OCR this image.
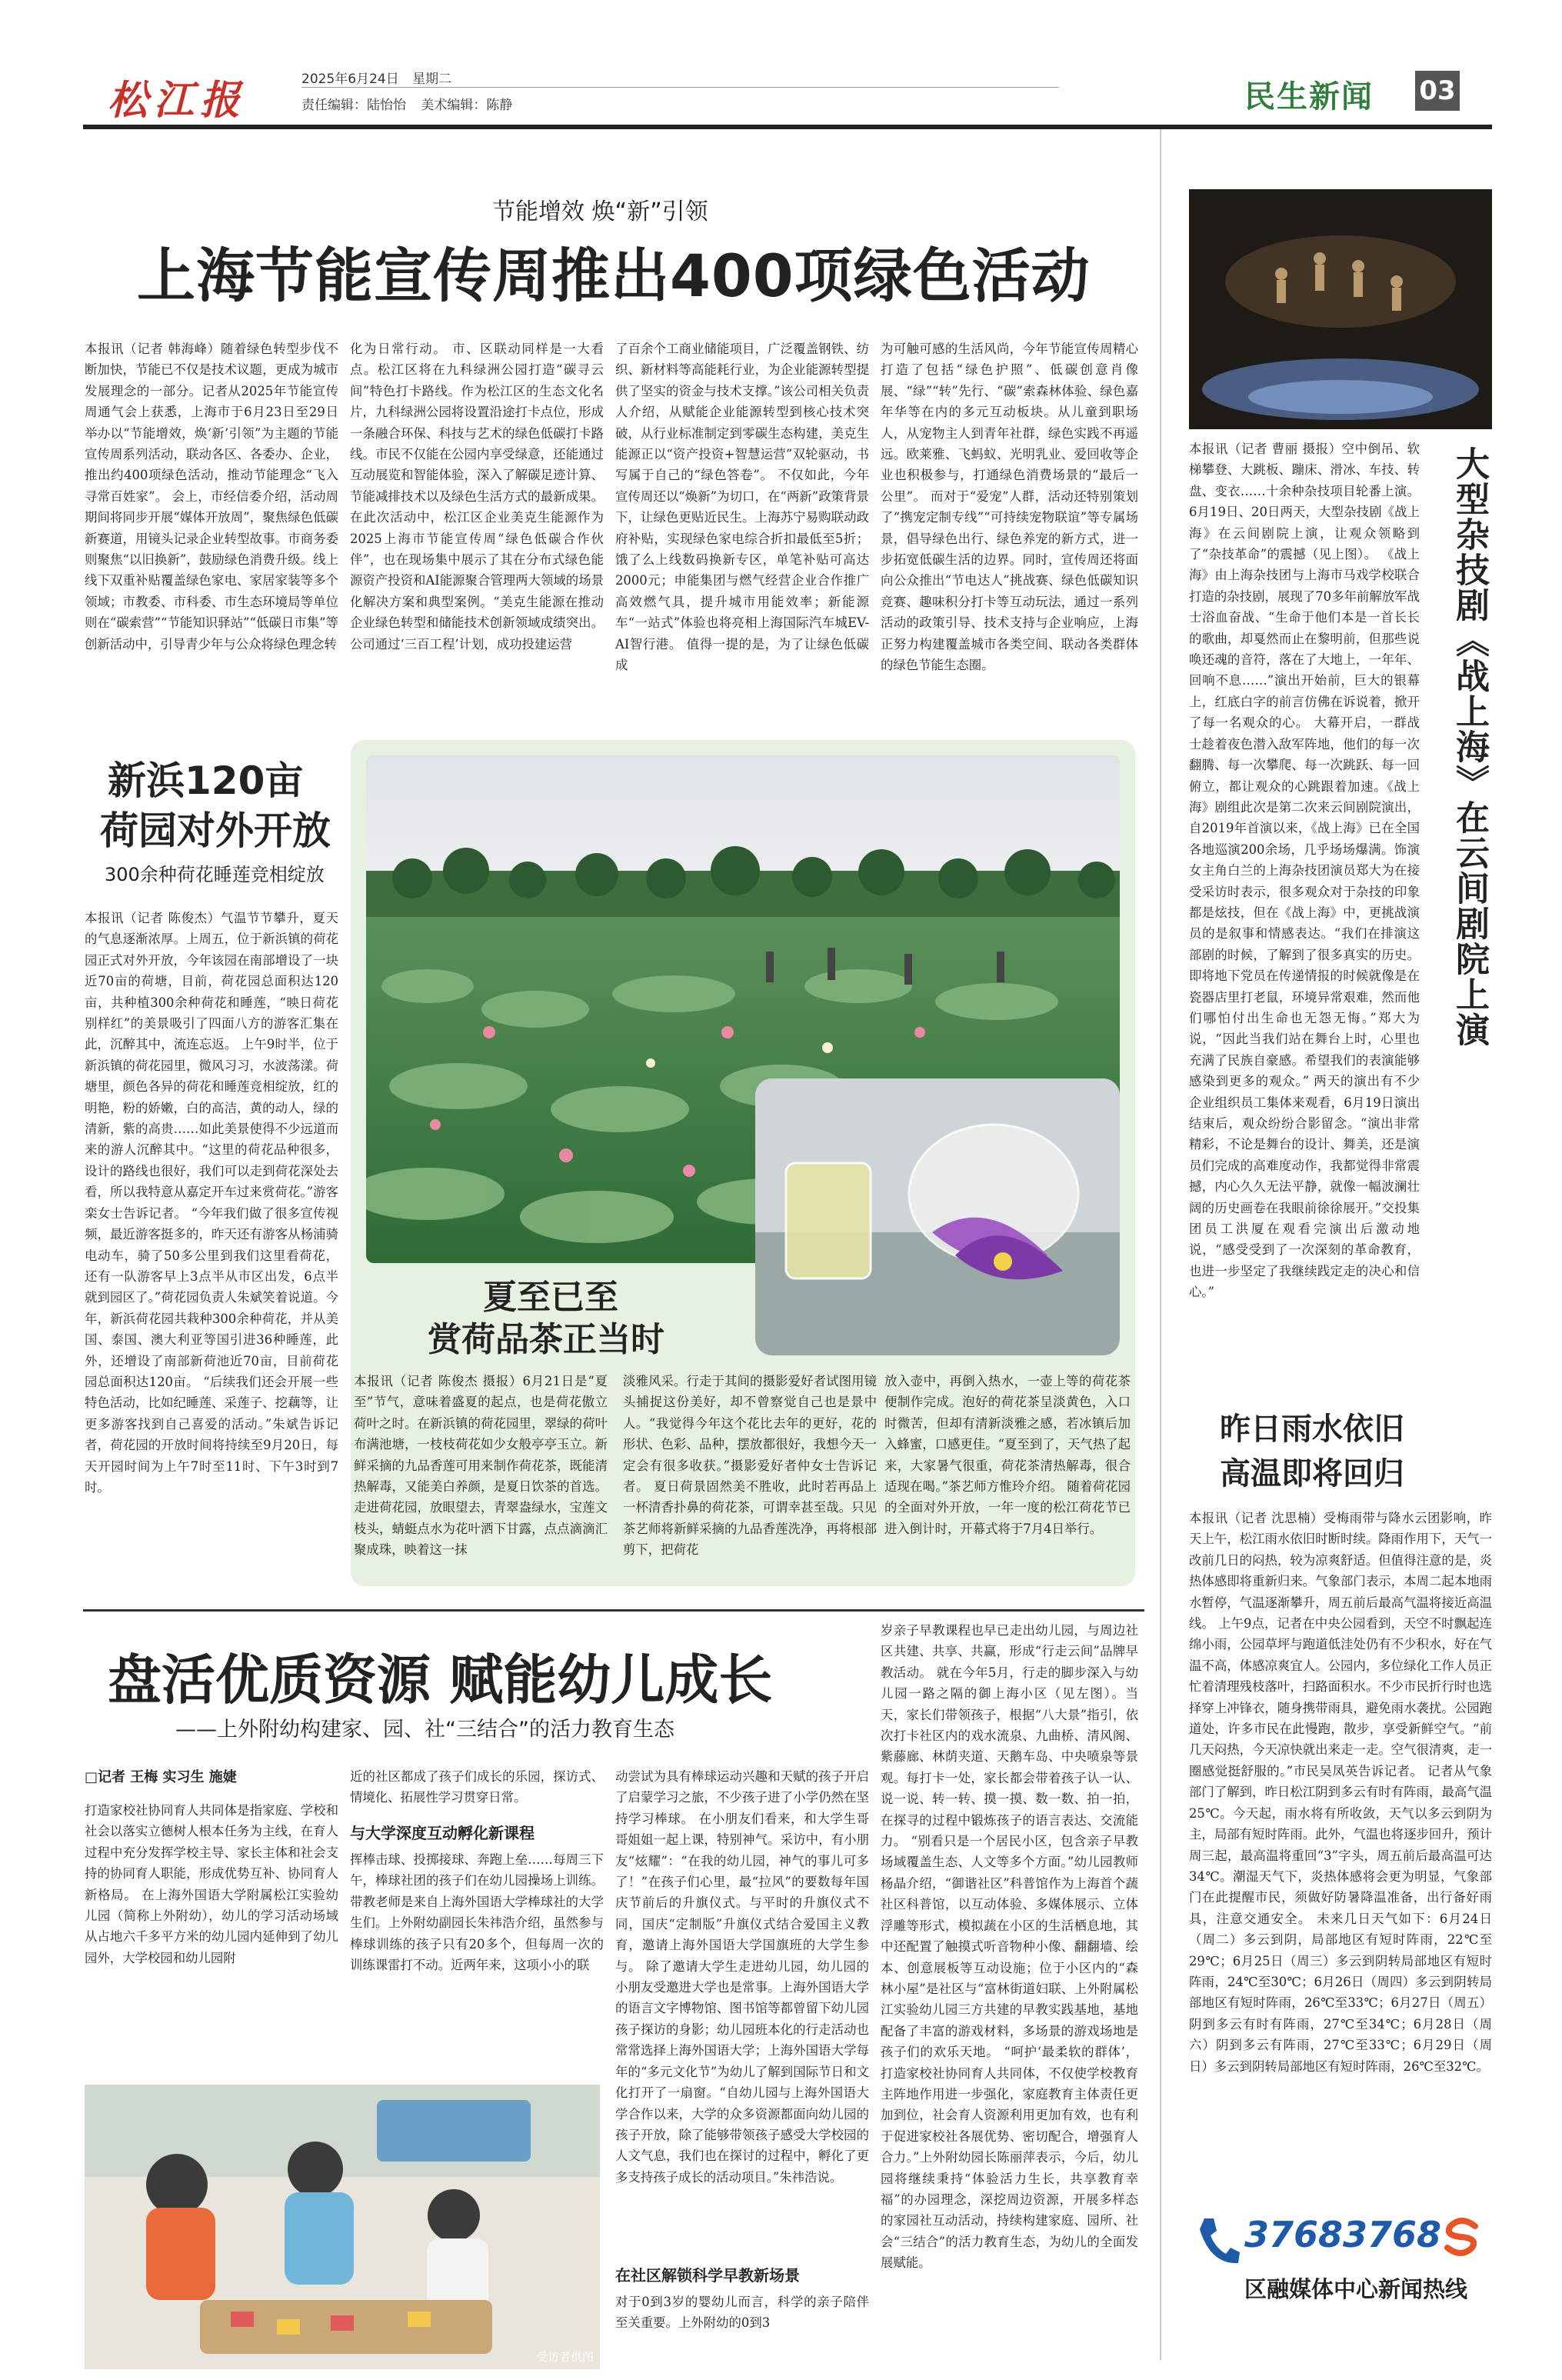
松江报	2025年6月24日 星期二
责任编辑：陆怡怡 美术编辑：陈静	民生新闻 03
节能增效 焕“新”引领
上海节能宣传周推出400项绿色活动
本报讯（记者 韩海峰）随着绿色转型步伐不断加快，节能已不仅是技术议题，更成为城市发展理念的一部分。记者从2025年节能宣传周通气会上获悉，上海市于6月23日至29日举办以“节能增效，焕‘新’引领”为主题的节能宣传周系列活动，联动各区、各委办、企业，推出约400项绿色活动，推动节能理念“飞入寻常百姓家”。 会上，市经信委介绍，活动周期间将同步开展“媒体开放周”，聚焦绿色低碳新赛道，用镜头记录企业转型故事。市商务委则聚焦“以旧换新”，鼓励绿色消费升级。线上线下双重补贴覆盖绿色家电、家居家装等多个领域；市教委、市科委、市生态环境局等单位则在“碳索营”“节能知识驿站”“低碳日市集”等创新活动中，引导青少年与公众将绿色理念转
化为日常行动。 市、区联动同样是一大看点。松江区将在九科绿洲公园打造“碳寻云间”特色打卡路线。作为松江区的生态文化名片，九科绿洲公园将设置沿途打卡点位，形成一条融合环保、科技与艺术的绿色低碳打卡路线。市民不仅能在公园内享受绿意，还能通过互动展览和智能体验，深入了解碳足迹计算、节能减排技术以及绿色生活方式的最新成果。 在此次活动中，松江区企业美克生能源作为2025上海市节能宣传周“绿色低碳合作伙伴”，也在现场集中展示了其在分布式绿色能源资产投资和AI能源聚合管理两大领域的场景化解决方案和典型案例。“美克生能源在推动企业绿色转型和储能技术创新领域成绩突出。公司通过‘三百工程’计划，成功投建运营
了百余个工商业储能项目，广泛覆盖钢铁、纺织、新材料等高能耗行业，为企业能源转型提供了坚实的资金与技术支撑。”该公司相关负责人介绍，从赋能企业能源转型到核心技术突破，从行业标准制定到零碳生态构建，美克生能源正以“资产投资+智慧运营”双轮驱动，书写属于自己的“绿色答卷”。 不仅如此，今年宣传周还以“焕新”为切口，在“两新”政策背景下，让绿色更贴近民生。上海苏宁易购联动政府补贴，实现绿色家电综合折扣最低至5折；饿了么上线数码换新专区，单笔补贴可高达2000元；申能集团与燃气经营企业合作推广高效燃气具，提升城市用能效率；新能源车“一站式”体验也将亮相上海国际汽车城EV-AI智行港。 值得一提的是，为了让绿色低碳成
为可触可感的生活风尚，今年节能宣传周精心打造了包括“绿色护照”、低碳创意肖像展、“绿”“转”先行、“碳”索森林体验、绿色嘉年华等在内的多元互动板块。从儿童到职场人，从宠物主人到青年社群，绿色实践不再遥远。欧莱雅、飞蚂蚁、光明乳业、爱回收等企业也积极参与，打通绿色消费场景的“最后一公里”。 而对于“爱宠”人群，活动还特别策划了“携宠定制专线”“可持续宠物联谊”等专属场景，倡导绿色出行、绿色养宠的新方式，进一步拓宽低碳生活的边界。同时，宣传周还将面向公众推出“节电达人”挑战赛、绿色低碳知识竞赛、趣味积分打卡等互动玩法，通过一系列活动的政策引导、技术支持与企业响应，上海正努力构建覆盖城市各类空间、联动各类群体的绿色节能生态圈。
新浜120亩
荷园对外开放
300余种荷花睡莲竞相绽放
本报讯（记者 陈俊杰）气温节节攀升，夏天的气息逐渐浓厚。上周五，位于新浜镇的荷花园正式对外开放，今年该园在南部增设了一块近70亩的荷塘，目前，荷花园总面积达120亩，共种植300余种荷花和睡莲，“映日荷花别样红”的美景吸引了四面八方的游客汇集在此，沉醉其中，流连忘返。 上午9时半，位于新浜镇的荷花园里，微风习习，水波荡漾。荷塘里，颜色各异的荷花和睡莲竞相绽放，红的明艳，粉的娇嫩，白的高洁，黄的动人，绿的清新，紫的高贵……如此美景使得不少远道而来的游人沉醉其中。“这里的荷花品种很多，设计的路线也很好，我们可以走到荷花深处去看，所以我特意从嘉定开车过来赏荷花。”游客栾女士告诉记者。 “今年我们做了很多宣传视频，最近游客挺多的，昨天还有游客从杨浦骑电动车，骑了50多公里到我们这里看荷花，还有一队游客早上3点半从市区出发，6点半就到园区了。”荷花园负责人朱斌笑着说道。今年，新浜荷花园共栽种300余种荷花，并从美国、泰国、澳大利亚等国引进36种睡莲，此外，还增设了南部新荷池近70亩，目前荷花园总面积达120亩。 “后续我们还会开展一些特色活动，比如纪睡莲、采莲子、挖藕等，让更多游客找到自己喜爱的活动。”朱斌告诉记者，荷花园的开放时间将持续至9月20日，每天开园时间为上午7时至11时、下午3时到7时。
夏至已至
赏荷品茶正当时
本报讯（记者 陈俊杰 摄报）6月21日是“夏至”节气，意味着盛夏的起点，也是荷花傲立荷叶之时。在新浜镇的荷花园里，翠绿的荷叶布满池塘，一枝枝荷花如少女般亭亭玉立。新鲜采摘的九品香莲可用来制作荷花茶，既能清热解毒，又能美白养颜，是夏日饮茶的首选。 走进荷花园，放眼望去，青翠盎绿水，宝莲文枝头，蜻蜓点水为花叶洒下甘露，点点滴滴汇聚成珠，映着这一抹
淡雅风采。行走于其间的摄影爱好者试图用镜头捕捉这份美好，却不曾察觉自己也是景中人。“我觉得今年这个花比去年的更好，花的形状、色彩、品种，摆放都很好，我想今天一定会有很多收获。”摄影爱好者仲女士告诉记者。 夏日荷景固然美不胜收，此时若再品上一杯清香扑鼻的荷花茶，可谓幸甚至哉。只见茶艺师将新鲜采摘的九品香莲洗净，再将根部剪下，把荷花
放入壶中，再倒入热水，一壶上等的荷花茶便制作完成。泡好的荷花茶呈淡黄色，入口时微苦，但却有清新淡雅之感，若冰镇后加入蜂蜜，口感更佳。“夏至到了，天气热了起来，大家暑气很重，荷花茶清热解毒，很合适现在喝。”茶艺师方惟玲介绍。 随着荷花园的全面对外开放，一年一度的松江荷花节已进入倒计时，开幕式将于7月4日举行。
盘活优质资源 赋能幼儿成长
——上外附幼构建家、园、社“三结合”的活力教育生态
□记者 王梅 实习生 施婕
打造家校社协同育人共同体是指家庭、学校和社会以落实立德树人根本任务为主线，在育人过程中充分发挥学校主导、家长主体和社会支持的协同育人职能，形成优势互补、协同育人新格局。 在上海外国语大学附属松江实验幼儿园（简称上外附幼），幼儿的学习活动场域从占地六千多平方米的幼儿园内延伸到了幼儿园外，大学校园和幼儿园附
近的社区都成了孩子们成长的乐园，探访式、情境化、拓展性学习贯穿日常。
与大学深度互动孵化新课程
挥棒击球、投掷接球、奔跑上垒……每周三下午，棒球社团的孩子们在幼儿园操场上训练。带教老师是来自上海外国语大学棒球社的大学生们。上外附幼副园长朱祎浩介绍，虽然参与棒球训练的孩子只有20多个，但每周一次的训练课雷打不动。近两年来，这项小小的联
动尝试为具有棒球运动兴趣和天赋的孩子开启了启蒙学习之旅，不少孩子进了小学仍然在坚持学习棒球。 在小朋友们看来，和大学生哥哥姐姐一起上课，特别神气。采访中，有小朋友“炫耀”：“在我的幼儿园，神气的事儿可多了！”在孩子们心里，最“拉风”的要数每年国庆节前后的升旗仪式。与平时的升旗仪式不同，国庆“定制版”升旗仪式结合爱国主义教育，邀请上海外国语大学国旗班的大学生参与。 除了邀请大学生走进幼儿园，幼儿园的小朋友受邀进大学也是常事。上海外国语大学的语言文字博物馆、图书馆等都曾留下幼儿园孩子探访的身影；幼儿园班本化的行走活动也常常选择上海外国语大学；上海外国语大学每年的“多元文化节”为幼儿了解到国际节日和文化打开了一扇窗。“自幼儿园与上海外国语大学合作以来，大学的众多资源都面向幼儿园的孩子开放，除了能够带领孩子感受大学校园的人文气息，我们也在探讨的过程中，孵化了更多支持孩子成长的活动项目。”朱祎浩说。
在社区解锁科学早教新场景
对于0到3岁的婴幼儿而言，科学的亲子陪伴至关重要。上外附幼的0到3
岁亲子早教课程也早已走出幼儿园，与周边社区共建、共享、共赢，形成“行走云间”品牌早教活动。 就在今年5月，行走的脚步深入与幼儿园一路之隔的御上海小区（见左图）。当天，家长们带领孩子，根据“八大景”指引，依次打卡社区内的戏水流泉、九曲桥、清风阁、紫藤廊、林荫夹道、天鹅车岛、中央喷泉等景观。每打卡一处，家长都会带着孩子认一认、说一说、转一转、摸一摸、数一数、拍一拍，在探寻的过程中锻炼孩子的语言表达、交流能力。 “别看只是一个居民小区，包含亲子早教场域覆盖生态、人文等多个方面。”幼儿园教师杨晶介绍，“御谐社区”科普馆作为上海首个蔬社区科普馆，以互动体验、多媒体展示、立体浮雕等形式，模拟蔬在小区的生活栖息地，其中还配置了触摸式听音物种小像、翻翻墙、绘本、创意展板等互动设施；位于小区内的“森林小屋”是社区与“富林街道妇联、上外附属松江实验幼儿园三方共建的早教实践基地，基地配备了丰富的游戏材料，多场景的游戏场地是孩子们的欢乐天地。 “呵护‘最柔软的群体’，打造家校社协同育人共同体，不仅使学校教育主阵地作用进一步强化，家庭教育主体责任更加到位，社会育人资源利用更加有效，也有利于促进家校社各展优势、密切配合，增强育人合力。”上外附幼园长陈丽萍表示，今后，幼儿园将继续秉持“体验活力生长，共享教育幸福”的办园理念，深挖周边资源，开展多样态的家园社互动活动，持续构建家庭、园所、社会“三结合”的活力教育生态，为幼儿的全面发展赋能。
受访者供图
大型杂技剧《战上海》在云间剧院上演
本报讯（记者 曹丽 摄报）空中倒吊、软梯攀登、大跳板、蹦床、滑冰、车技、转盘、变衣……十余种杂技项目轮番上演。6月19日、20日两天，大型杂技剧《战上海》在云间剧院上演，让观众领略到了“杂技革命”的震撼（见上图）。 《战上海》由上海杂技团与上海市马戏学校联合打造的杂技剧，展现了70多年前解放军战士浴血奋战、“生命于他们本是一首长长的歌曲，却戛然而止在黎明前，但那些说唤还魂的音符，落在了大地上，一年年、回响不息……”演出开始前，巨大的银幕上，红底白字的前言仿佛在诉说着，掀开了每一名观众的心。 大幕开启，一群战士趁着夜色潜入敌军阵地，他们的每一次翻腾、每一次攀爬、每一次跳跃、每一回俯立，都让观众的心跳跟着加速。《战上海》剧组此次是第二次来云间剧院演出，自2019年首演以来，《战上海》已在全国各地巡演200余场，几乎场场爆满。饰演女主角白兰的上海杂技团演员郑大为在接受采访时表示，很多观众对于杂技的印象都是炫技，但在《战上海》中，更挑战演员的是叙事和情感表达。“我们在排演这部剧的时候，了解到了很多真实的历史。即将地下党员在传递情报的时候就像是在瓷器店里打老鼠，环境异常艰难，然而他们哪怕付出生命也无怨无悔。”郑大为说，“因此当我们站在舞台上时，心里也充满了民族自豪感。希望我们的表演能够感染到更多的观众。” 两天的演出有不少企业组织员工集体来观看，6月19日演出结束后，观众纷纷合影留念。“演出非常精彩，不论是舞台的设计、舞美，还是演员们完成的高难度动作，我都觉得非常震撼，内心久久无法平静，就像一幅波澜壮阔的历史画卷在我眼前徐徐展开。”交投集团员工洪厦在观看完演出后激动地说，“感受受到了一次深刻的革命教育，也进一步坚定了我继续践定走的决心和信心。”
昨日雨水依旧
高温即将回归
本报讯（记者 沈思楠）受梅雨带与降水云团影响，昨天上午，松江雨水依旧时断时续。降雨作用下，天气一改前几日的闷热，较为凉爽舒适。但值得注意的是，炎热体感即将重新归来。气象部门表示，本周二起本地雨水暂停，气温逐渐攀升，周五前后最高气温将接近高温线。 上午9点，记者在中央公园看到，天空不时飘起连绵小雨，公园草坪与跑道低洼处仍有不少积水，好在气温不高，体感凉爽宜人。公园内，多位绿化工作人员正忙着清理残枝落叶，扫路面积水。不少市民折行时也选择穿上冲锋衣，随身携带雨具，避免雨水袭扰。公园跑道处，许多市民在此慢跑，散步，享受新鲜空气。“前几天闷热，今天凉快就出来走一走。空气很清爽，走一圈感觉挺舒服的。”市民吴凤英告诉记者。 记者从气象部门了解到，昨日松江阴到多云有时有阵雨，最高气温25℃。今天起，雨水将有所收敛，天气以多云到阴为主，局部有短时阵雨。此外，气温也将逐步回升，预计周三起，最高温将重回“3”字头，周五前后最高温可达34℃。潮湿天气下，炎热体感将会更为明显，气象部门在此提醒市民，须做好防暑降温准备，出行备好雨具，注意交通安全。 未来几日天气如下：6月24日（周二）多云到阴，局部地区有短时阵雨，22℃至29℃；6月25日（周三）多云到阴转局部地区有短时阵雨，24℃至30℃；6月26日（周四）多云到阴转局部地区有短时阵雨，26℃至33℃；6月27日（周五）阴到多云有时有阵雨，27℃至34℃；6月28日（周六）阴到多云有阵雨，27℃至33℃；6月29日（周日）多云到阴转局部地区有短时阵雨，26℃至32℃。
37683768
区融媒体中心新闻热线
